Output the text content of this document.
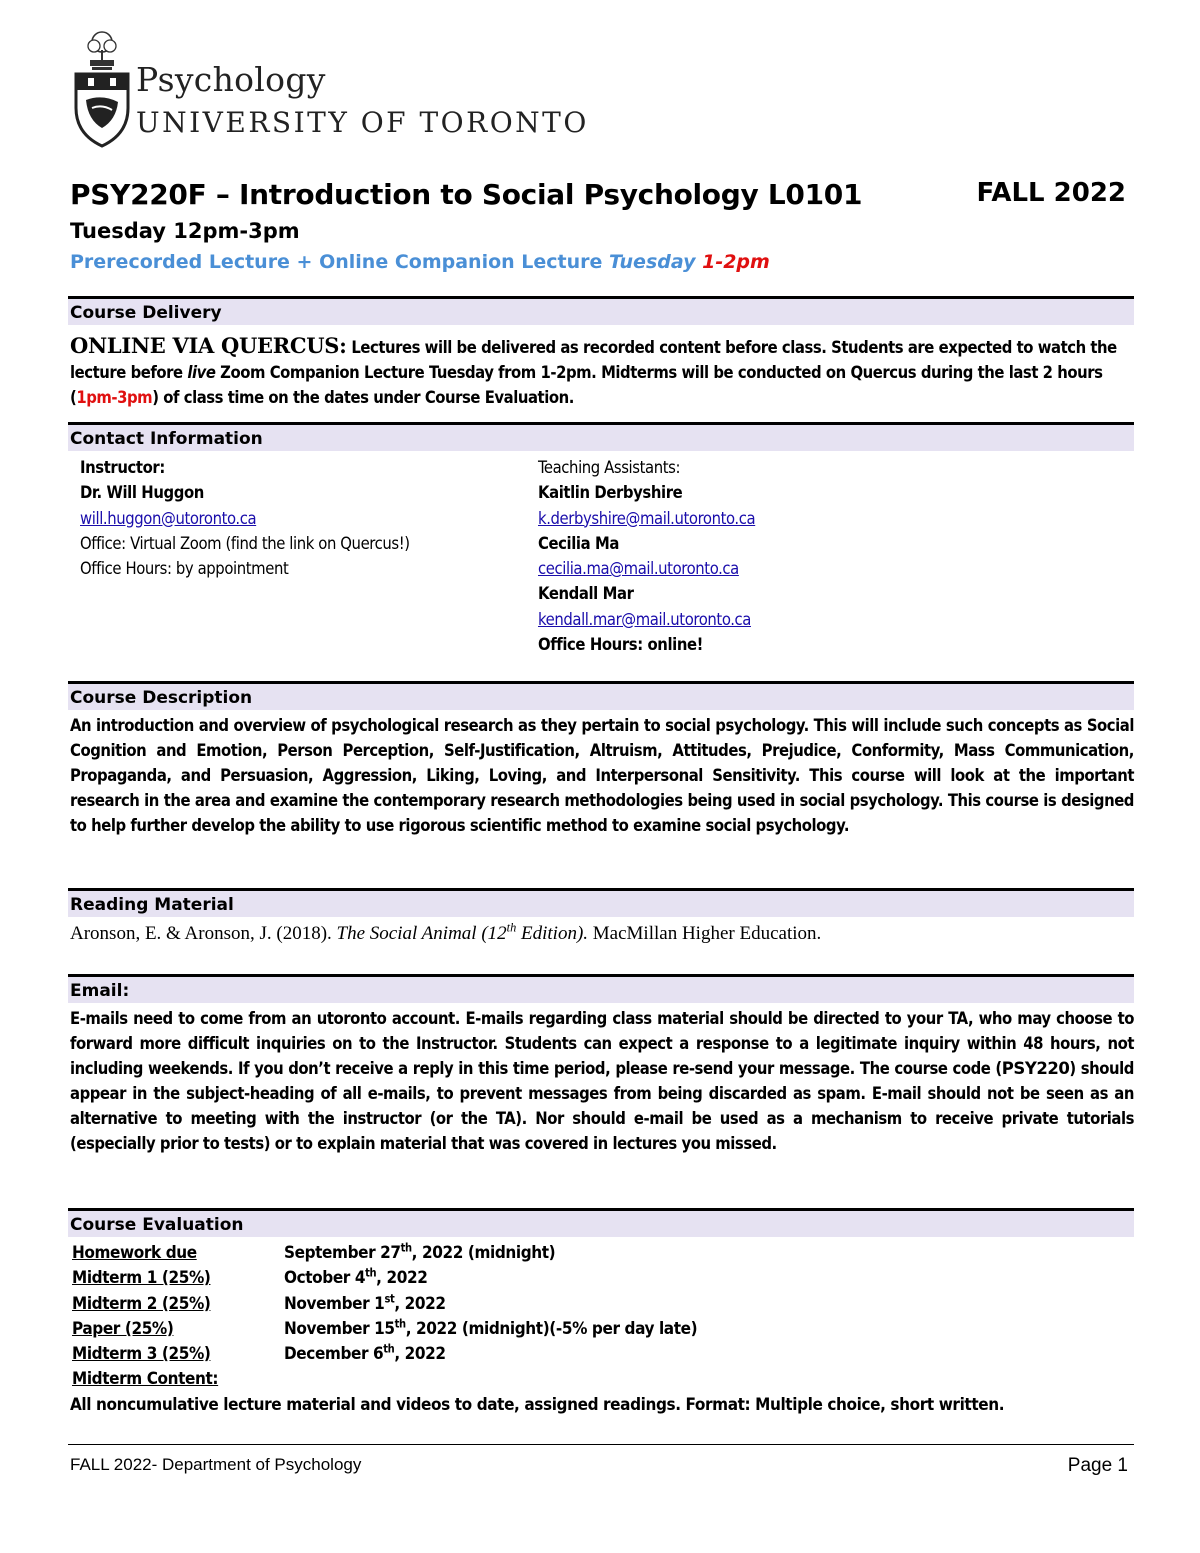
Psychology
UNIVERSITY OF TORONTO
PSY220F – Introduction to Social Psychology L0101	FALL 2022
Tuesday 12pm-3pm
Prerecorded Lecture + Online Companion Lecture Tuesday 1-2pm
Course Delivery
ONLINE VIA QUERCUS: Lectures will be delivered as recorded content before class. Students are expected to watch the lecture before live Zoom Companion Lecture Tuesday from 1-2pm. Midterms will be conducted on Quercus during the last 2 hours (1pm-3pm) of class time on the dates under Course Evaluation.
Contact Information
Instructor:
Dr. Will Huggon
will.huggon@utoronto.ca
Office: Virtual Zoom (find the link on Quercus!)
Office Hours: by appointment
Teaching Assistants:
Kaitlin Derbyshire
k.derbyshire@mail.utoronto.ca
Cecilia Ma
cecilia.ma@mail.utoronto.ca
Kendall Mar
kendall.mar@mail.utoronto.ca
Office Hours: online!
Course Description
An introduction and overview of psychological research as they pertain to social psychology. This will include such concepts as Social Cognition and Emotion, Person Perception, Self-Justification, Altruism, Attitudes, Prejudice, Conformity, Mass Communication, Propaganda, and Persuasion, Aggression, Liking, Loving, and Interpersonal Sensitivity. This course will look at the important research in the area and examine the contemporary research methodologies being used in social psychology. This course is designed to help further develop the ability to use rigorous scientific method to examine social psychology.
Reading Material
Aronson, E. & Aronson, J. (2018). The Social Animal (12th Edition). MacMillan Higher Education.
Email:
E-mails need to come from an utoronto account. E-mails regarding class material should be directed to your TA, who may choose to forward more difficult inquiries on to the Instructor. Students can expect a response to a legitimate inquiry within 48 hours, not including weekends. If you don’t receive a reply in this time period, please re-send your message. The course code (PSY220) should appear in the subject-heading of all e-mails, to prevent messages from being discarded as spam. E-mail should not be seen as an alternative to meeting with the instructor (or the TA). Nor should e-mail be used as a mechanism to receive private tutorials (especially prior to tests) or to explain material that was covered in lectures you missed.
Course Evaluation
Homework due	September 27th, 2022 (midnight)
Midterm 1 (25%)	October 4th, 2022
Midterm 2 (25%)	November 1st, 2022
Paper (25%)	November 15th, 2022 (midnight)(-5% per day late)
Midterm 3 (25%)	December 6th, 2022
Midterm Content:
All noncumulative lecture material and videos to date, assigned readings. Format: Multiple choice, short written.
FALL 2022- Department of Psychology	Page 1
